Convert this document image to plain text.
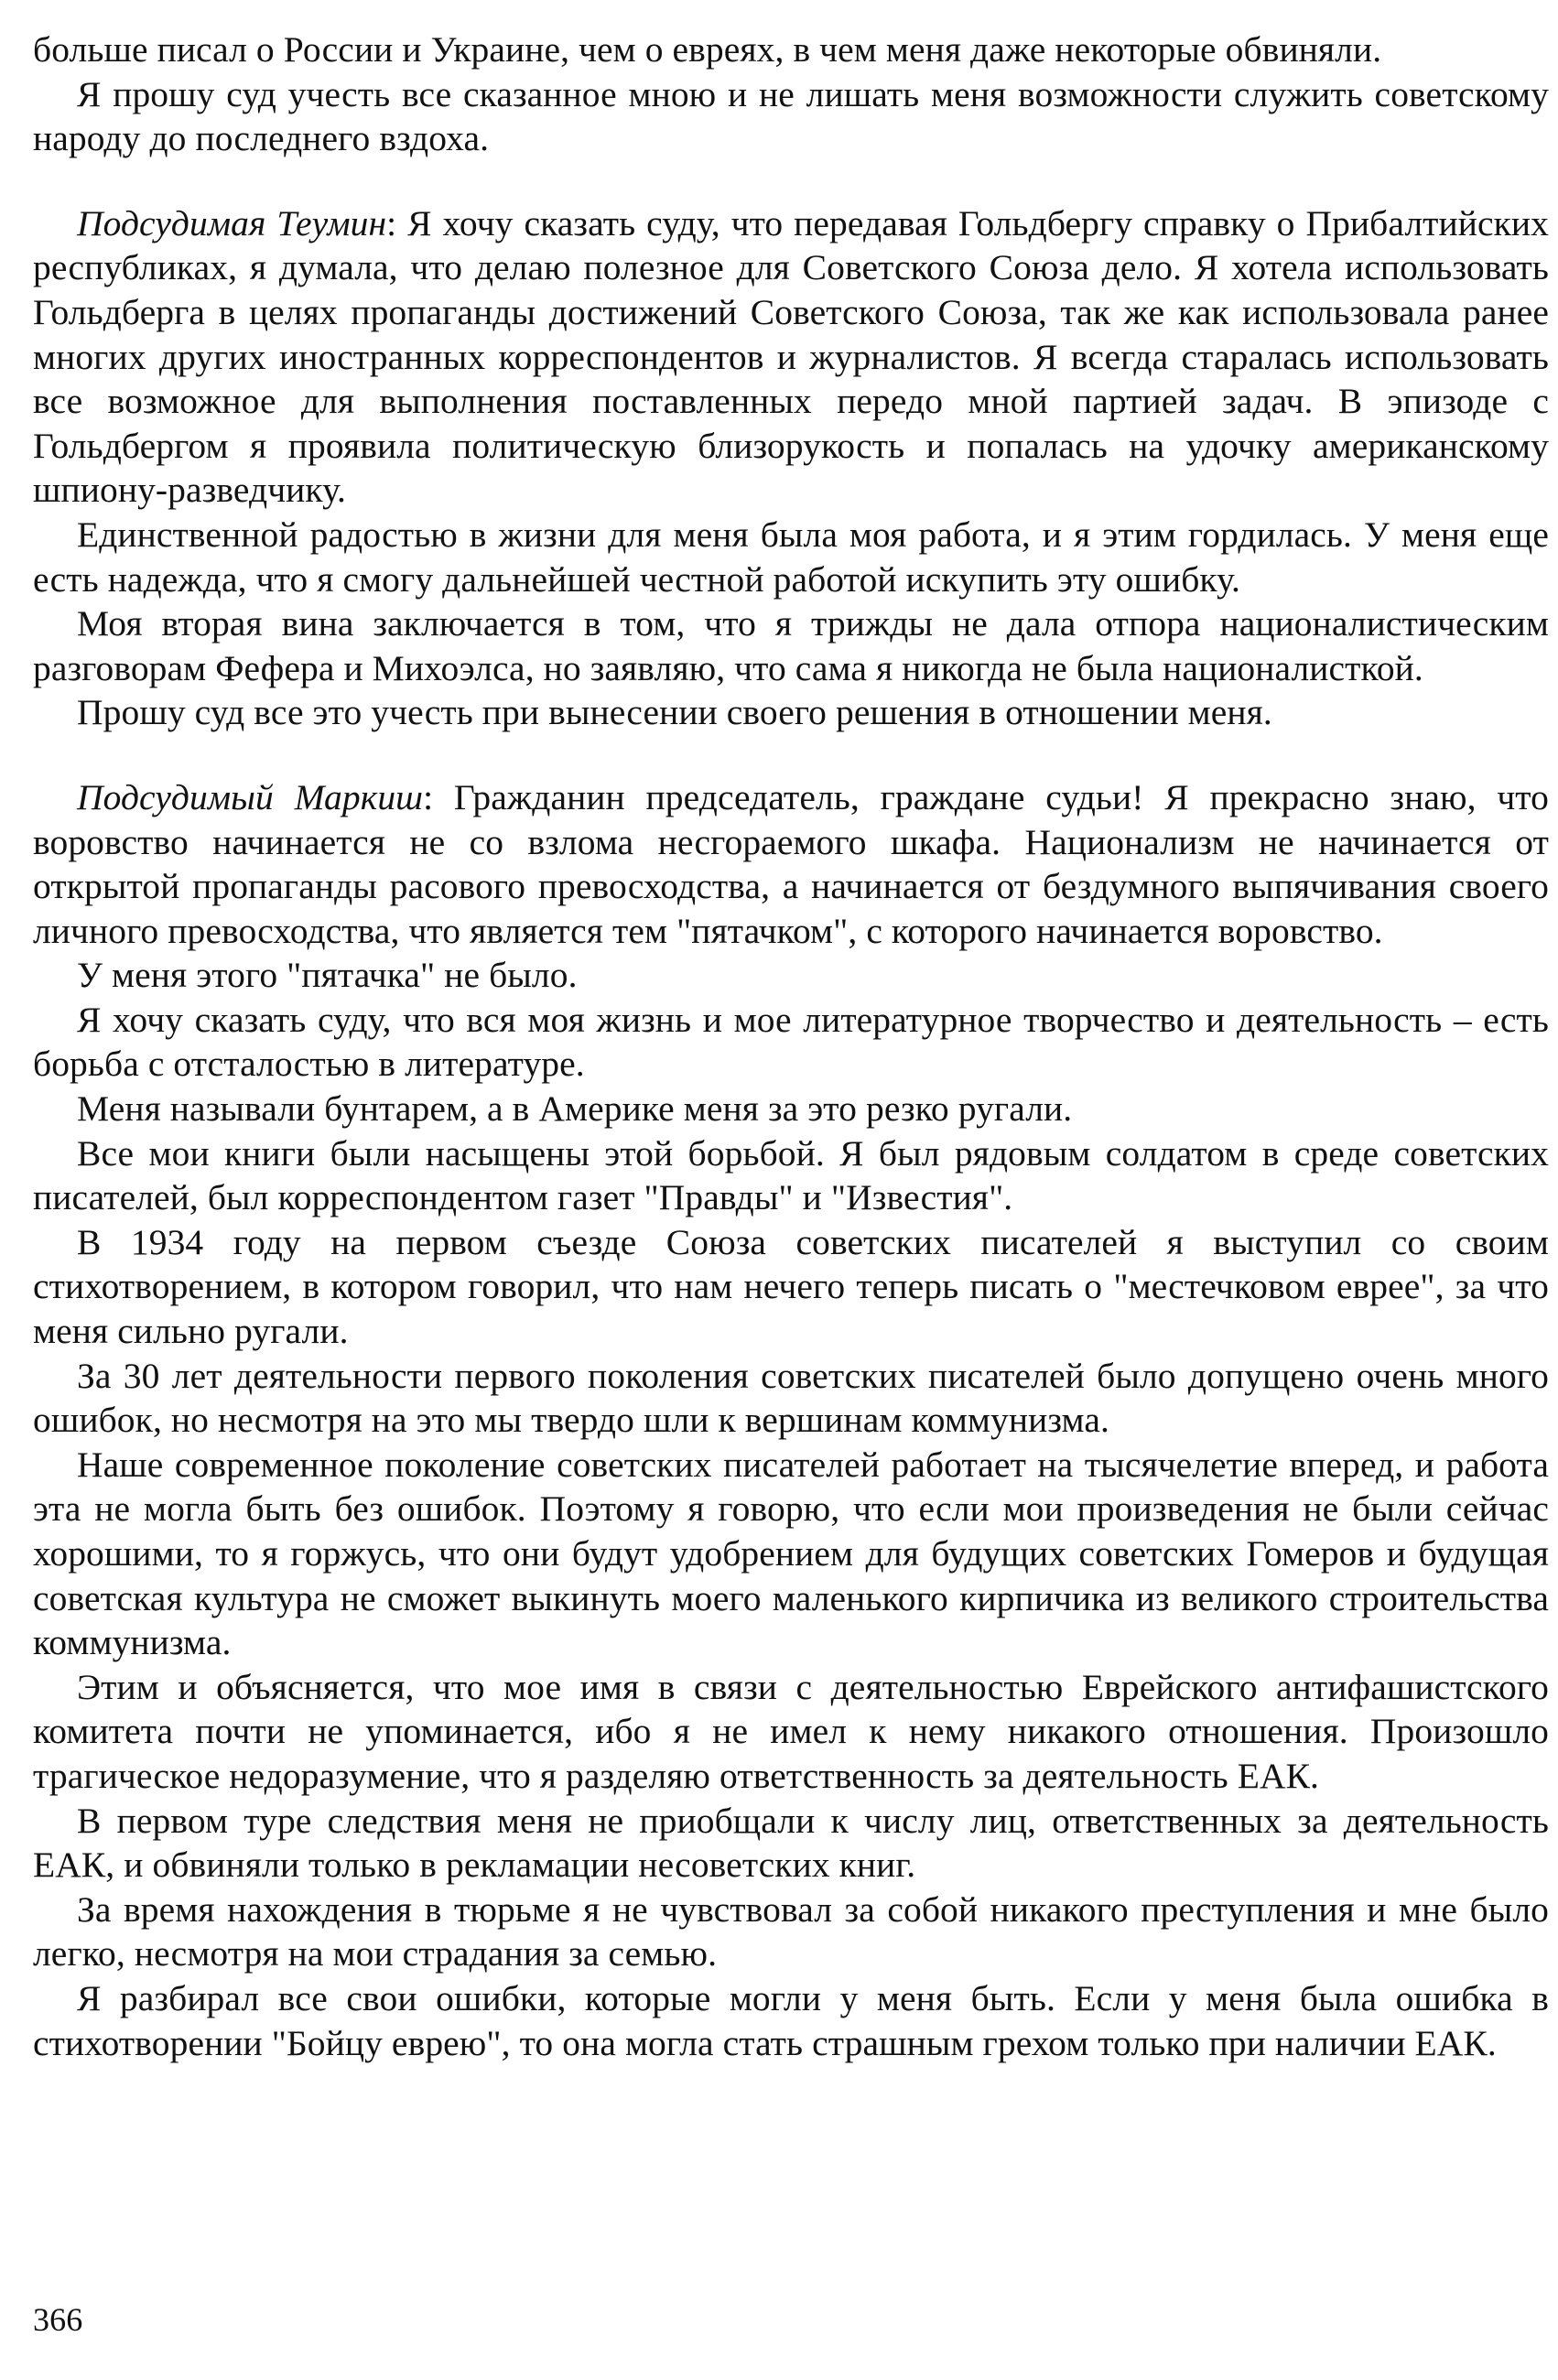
больше писал о России и Украине, чем о евреях, в чем меня даже некоторые обвиняли.

Я прошу суд учесть все сказанное мною и не лишать меня возможности служить советскому народу до последнего вздоха.

Подсудимая Теумин: Я хочу сказать суду, что передавая Гольдбергу справку о Прибалтийских республиках, я думала, что делаю полезное для Советского Союза дело. Я хотела использовать Гольдберга в целях пропаганды достижений Советского Союза, так же как использовала ранее многих других иностранных корреспондентов и журналистов. Я всегда старалась использовать все возможное для выполнения поставленных передо мной партией задач. В эпизоде с Гольдбергом я проявила политическую близорукость и попалась на удочку американскому шпиону-разведчику.

Единственной радостью в жизни для меня была моя работа, и я этим гордилась. У меня еще есть надежда, что я смогу дальнейшей честной работой искупить эту ошибку.

Моя вторая вина заключается в том, что я трижды не дала отпора националистическим разговорам Фефера и Михоэлса, но заявляю, что сама я никогда не была националисткой.

Прошу суд все это учесть при вынесении своего решения в отношении меня.

Подсудимый Маркиш: Гражданин председатель, граждане судьи! Я прекрасно знаю, что воровство начинается не со взлома несгораемого шкафа. Национализм не начинается от открытой пропаганды расового превосходства, а начинается от бездумного выпячивания своего личного превосходства, что является тем "пятачком", с которого начинается воровство.

У меня этого "пятачка" не было.

Я хочу сказать суду, что вся моя жизнь и мое литературное творчество и деятельность – есть борьба с отсталостью в литературе.

Меня называли бунтарем, а в Америке меня за это резко ругали.

Все мои книги были насыщены этой борьбой. Я был рядовым солдатом в среде советских писателей, был корреспондентом газет "Правды" и "Известия".

В 1934 году на первом съезде Союза советских писателей я выступил со своим стихотворением, в котором говорил, что нам нечего теперь писать о "местечковом еврее", за что меня сильно ругали.

За 30 лет деятельности первого поколения советских писателей было допущено очень много ошибок, но несмотря на это мы твердо шли к вершинам коммунизма.

Наше современное поколение советских писателей работает на тысячелетие вперед, и работа эта не могла быть без ошибок. Поэтому я говорю, что если мои произведения не были сейчас хорошими, то я горжусь, что они будут удобрением для будущих советских Гомеров и будущая советская культура не сможет выкинуть моего маленького кирпичика из великого строительства коммунизма.

Этим и объясняется, что мое имя в связи с деятельностью Еврейского антифашистского комитета почти не упоминается, ибо я не имел к нему никакого отношения. Произошло трагическое недоразумение, что я разделяю ответственность за деятельность ЕАК.

В первом туре следствия меня не приобщали к числу лиц, ответственных за деятельность ЕАК, и обвиняли только в рекламации несоветских книг.

За время нахождения в тюрьме я не чувствовал за собой никакого преступления и мне было легко, несмотря на мои страдания за семью.

Я разбирал все свои ошибки, которые могли у меня быть. Если у меня была ошибка в стихотворении "Бойцу еврею", то она могла стать страшным грехом только при наличии ЕАК.

366
